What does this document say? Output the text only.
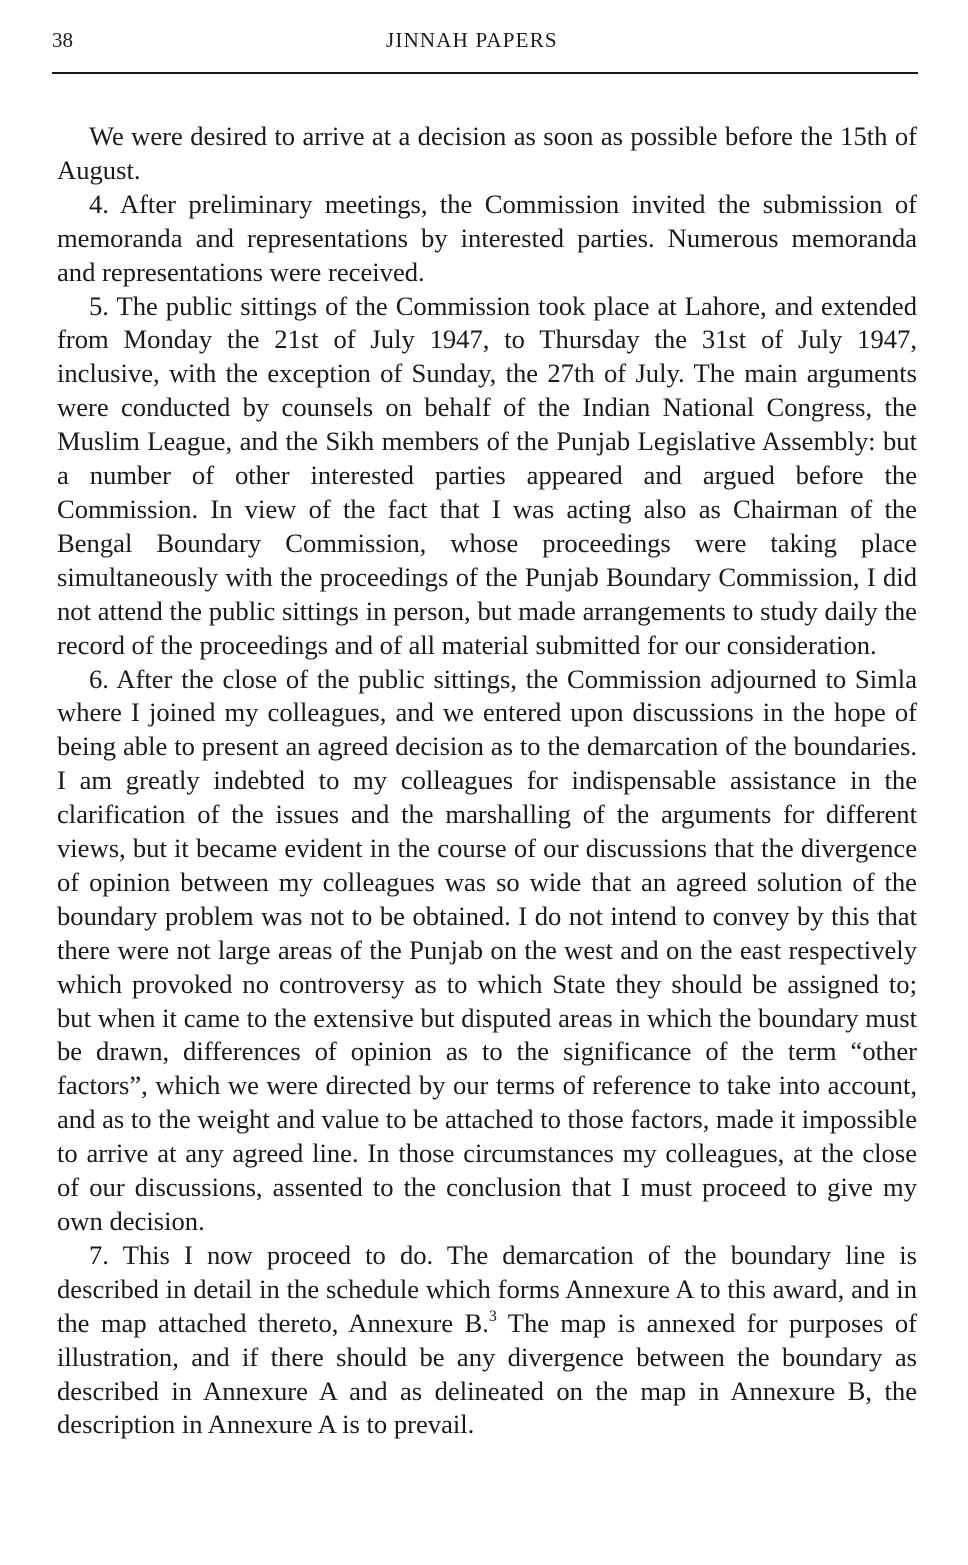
38	JINNAH PAPERS

We were desired to arrive at a decision as soon as possible before the 15th of August.

4. After preliminary meetings, the Commission invited the submission of memoranda and representations by interested parties. Numerous memoranda and representations were received.

5. The public sittings of the Commission took place at Lahore, and extended from Monday the 21st of July 1947, to Thursday the 31st of July 1947, inclusive, with the exception of Sunday, the 27th of July. The main arguments were conducted by counsels on behalf of the Indian National Congress, the Muslim League, and the Sikh members of the Punjab Legislative Assembly: but a number of other interested parties appeared and argued before the Commission. In view of the fact that I was acting also as Chairman of the Bengal Boundary Commission, whose proceedings were taking place simultaneously with the proceedings of the Punjab Boundary Commission, I did not attend the public sittings in person, but made arrangements to study daily the record of the proceedings and of all material submitted for our consideration.

6. After the close of the public sittings, the Commission adjourned to Simla where I joined my colleagues, and we entered upon discussions in the hope of being able to present an agreed decision as to the demarcation of the boundaries. I am greatly indebted to my colleagues for indispensable assistance in the clarification of the issues and the marshalling of the arguments for different views, but it became evident in the course of our discussions that the divergence of opinion between my colleagues was so wide that an agreed solution of the boundary problem was not to be obtained. I do not intend to convey by this that there were not large areas of the Punjab on the west and on the east respectively which provoked no controversy as to which State they should be assigned to; but when it came to the extensive but disputed areas in which the boundary must be drawn, differences of opinion as to the significance of the term “other factors”, which we were directed by our terms of reference to take into account, and as to the weight and value to be attached to those factors, made it impossible to arrive at any agreed line. In those circumstances my colleagues, at the close of our discussions, assented to the conclusion that I must proceed to give my own decision.

7. This I now proceed to do. The demarcation of the boundary line is described in detail in the schedule which forms Annexure A to this award, and in the map attached thereto, Annexure B.$^3$ The map is annexed for purposes of illustration, and if there should be any divergence between the boundary as described in Annexure A and as delineated on the map in Annexure B, the description in Annexure A is to prevail.
